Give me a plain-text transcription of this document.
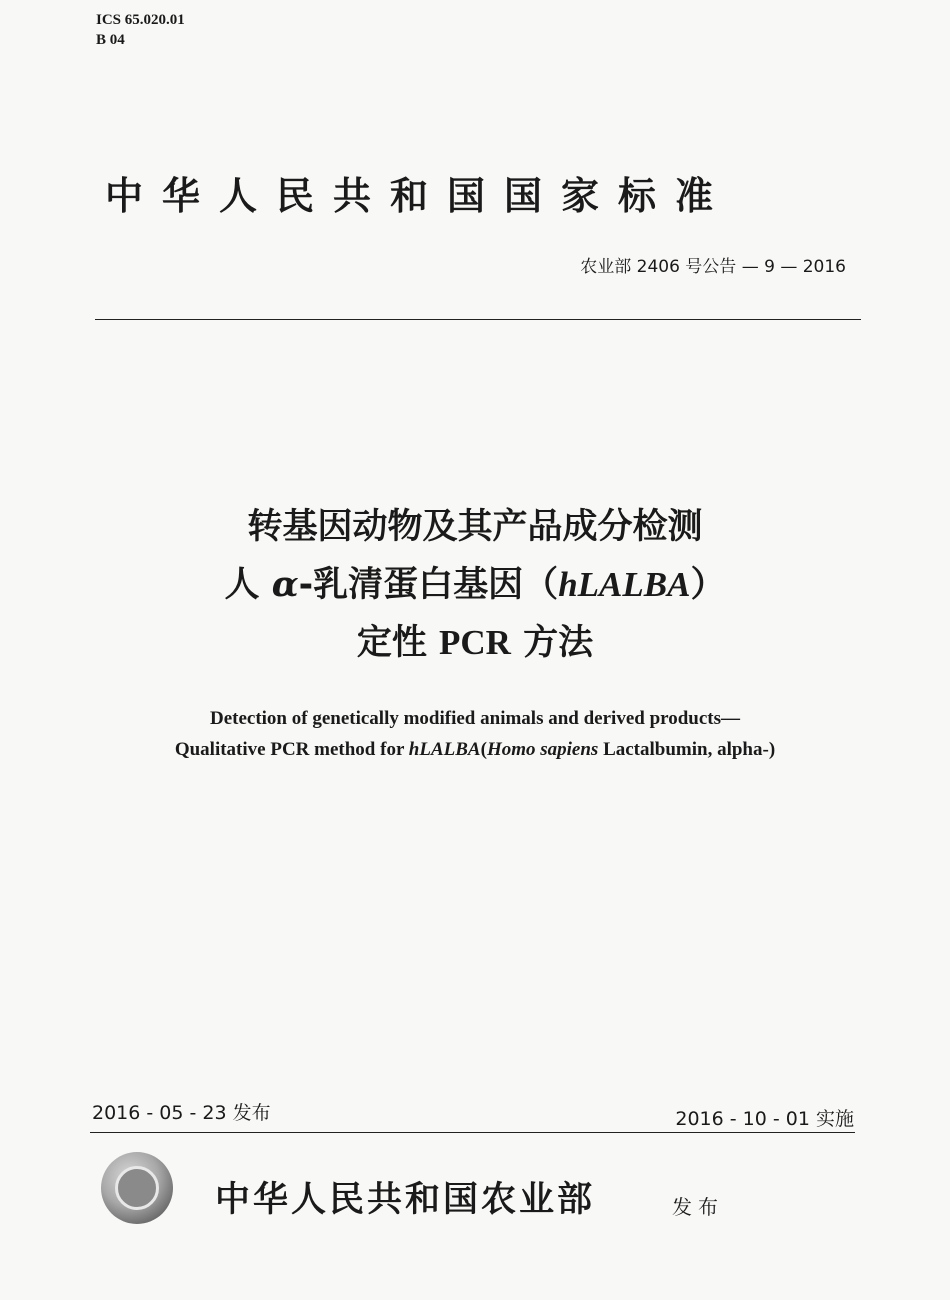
ICS 65.020.01
B 04
中华人民共和国国家标准
农业部 2406 号公告 — 9 — 2016
转基因动物及其产品成分检测
人 α-乳清蛋白基因（hLALBA）
定性 PCR 方法
Detection of genetically modified animals and derived products—
Qualitative PCR method for hLALBA(Homo sapiens Lactalbumin, alpha-)
2016 - 05 - 23 发布	2016 - 10 - 01 实施
中华人民共和国农业部	发布
